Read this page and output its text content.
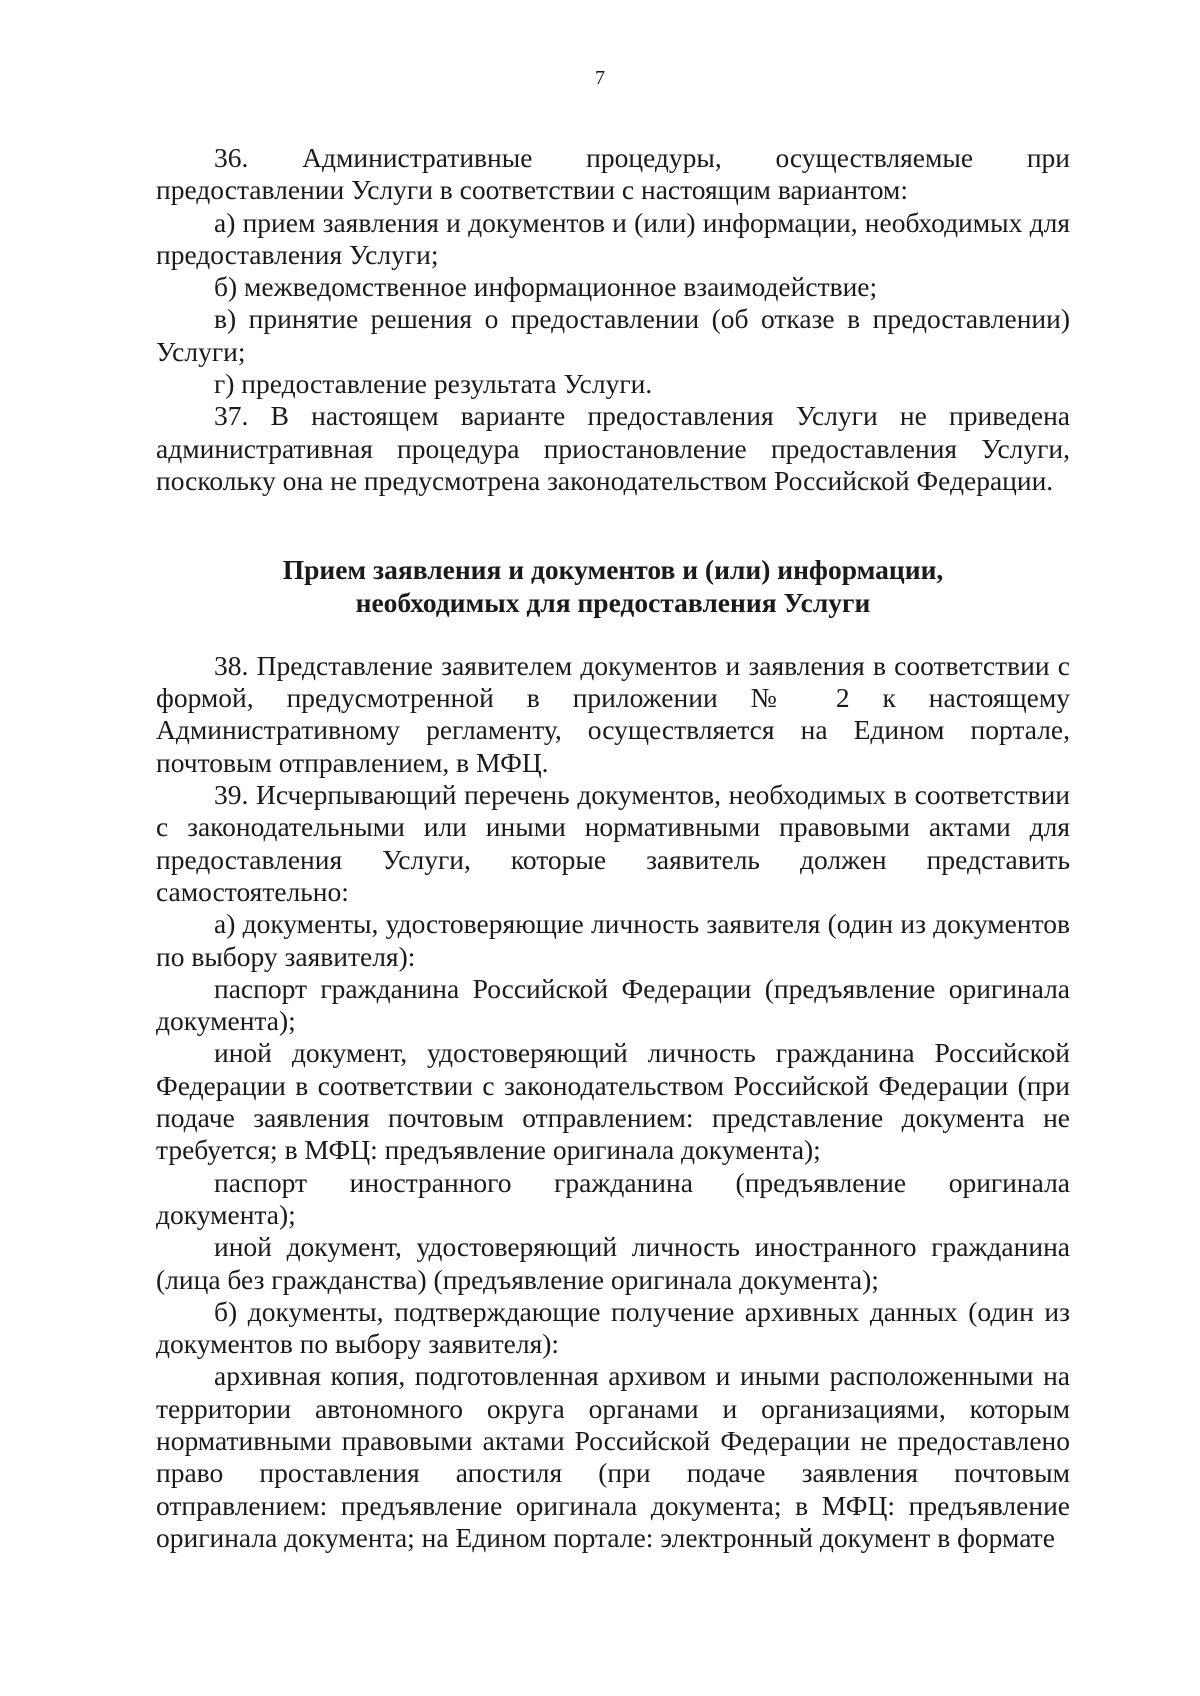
7

36. Административные процедуры, осуществляемые при предоставлении Услуги в соответствии с настоящим вариантом:

а) прием заявления и документов и (или) информации, необходимых для предоставления Услуги;

б) межведомственное информационное взаимодействие;

в) принятие решения о предоставлении (об отказе в предоставлении) Услуги;

г) предоставление результата Услуги.

37. В настоящем варианте предоставления Услуги не приведена административная процедура приостановление предоставления Услуги, поскольку она не предусмотрена законодательством Российской Федерации.

Прием заявления и документов и (или) информации,
необходимых для предоставления Услуги

38. Представление заявителем документов и заявления в соответствии с формой, предусмотренной в приложении № 2 к настоящему Административному регламенту, осуществляется на Едином портале, почтовым отправлением, в МФЦ.

39. Исчерпывающий перечень документов, необходимых в соответствии с законодательными или иными нормативными правовыми актами для предоставления Услуги, которые заявитель должен представить самостоятельно:

а) документы, удостоверяющие личность заявителя (один из документов по выбору заявителя):

паспорт гражданина Российской Федерации (предъявление оригинала документа);

иной документ, удостоверяющий личность гражданина Российской Федерации в соответствии с законодательством Российской Федерации (при подаче заявления почтовым отправлением: представление документа не требуется; в МФЦ: предъявление оригинала документа);

паспорт иностранного гражданина (предъявление оригинала документа);

иной документ, удостоверяющий личность иностранного гражданина (лица без гражданства) (предъявление оригинала документа);

б) документы, подтверждающие получение архивных данных (один из документов по выбору заявителя):

архивная копия, подготовленная архивом и иными расположенными на территории автономного округа органами и организациями, которым нормативными правовыми актами Российской Федерации не предоставлено право проставления апостиля (при подаче заявления почтовым отправлением: предъявление оригинала документа; в МФЦ: предъявление оригинала документа; на Едином портале: электронный документ в формате
